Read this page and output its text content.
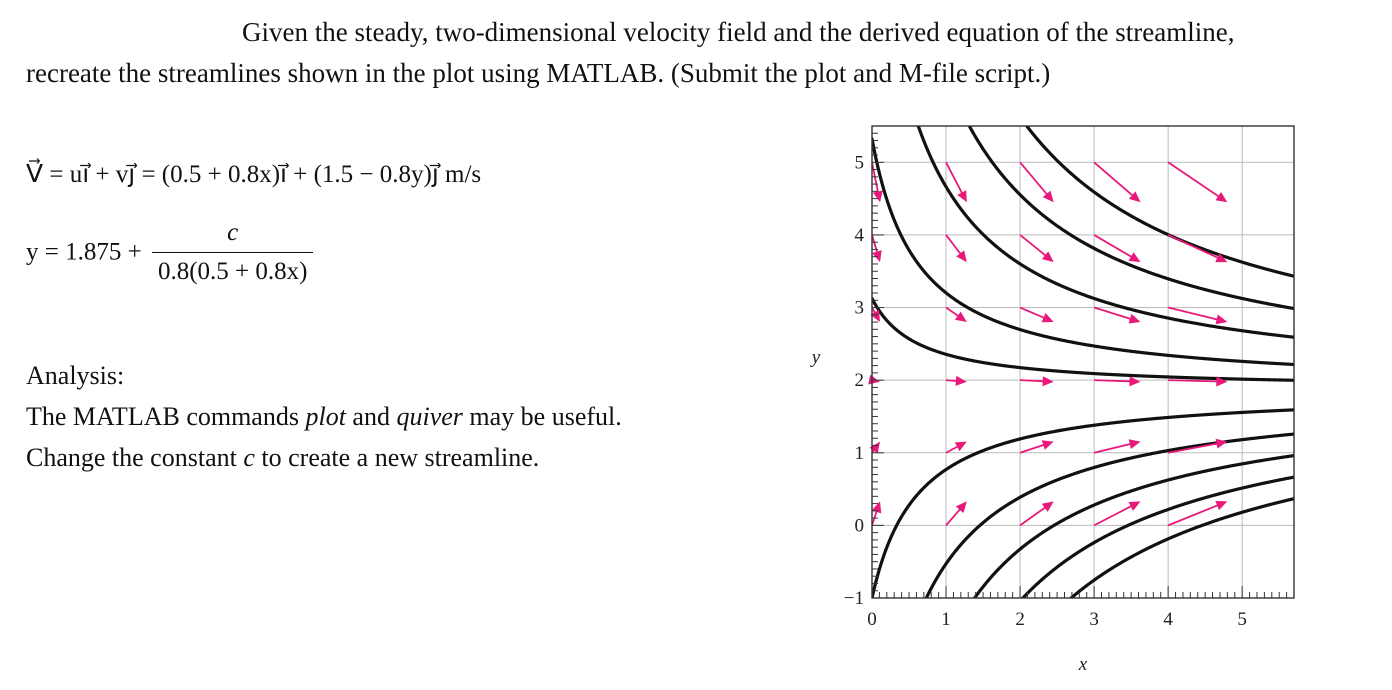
Given the steady, two-dimensional velocity field and the derived equation of the streamline,
recreate the streamlines shown in the plot using MATLAB. (Submit the plot and M-file script.)

V⃗ = ui⃗ + vj⃗ = (0.5 + 0.8x)i⃗ + (1.5 − 0.8y)j⃗ m/s
$y = 1.875 + \frac{c}{0.8(0.5 + 0.8x)}$
Analysis:
The MATLAB commands plot and quiver may be useful.
Change the constant c to create a new streamline.
0	1	2	3	4	5
−1
0
1
2
3
4
5
x
y
